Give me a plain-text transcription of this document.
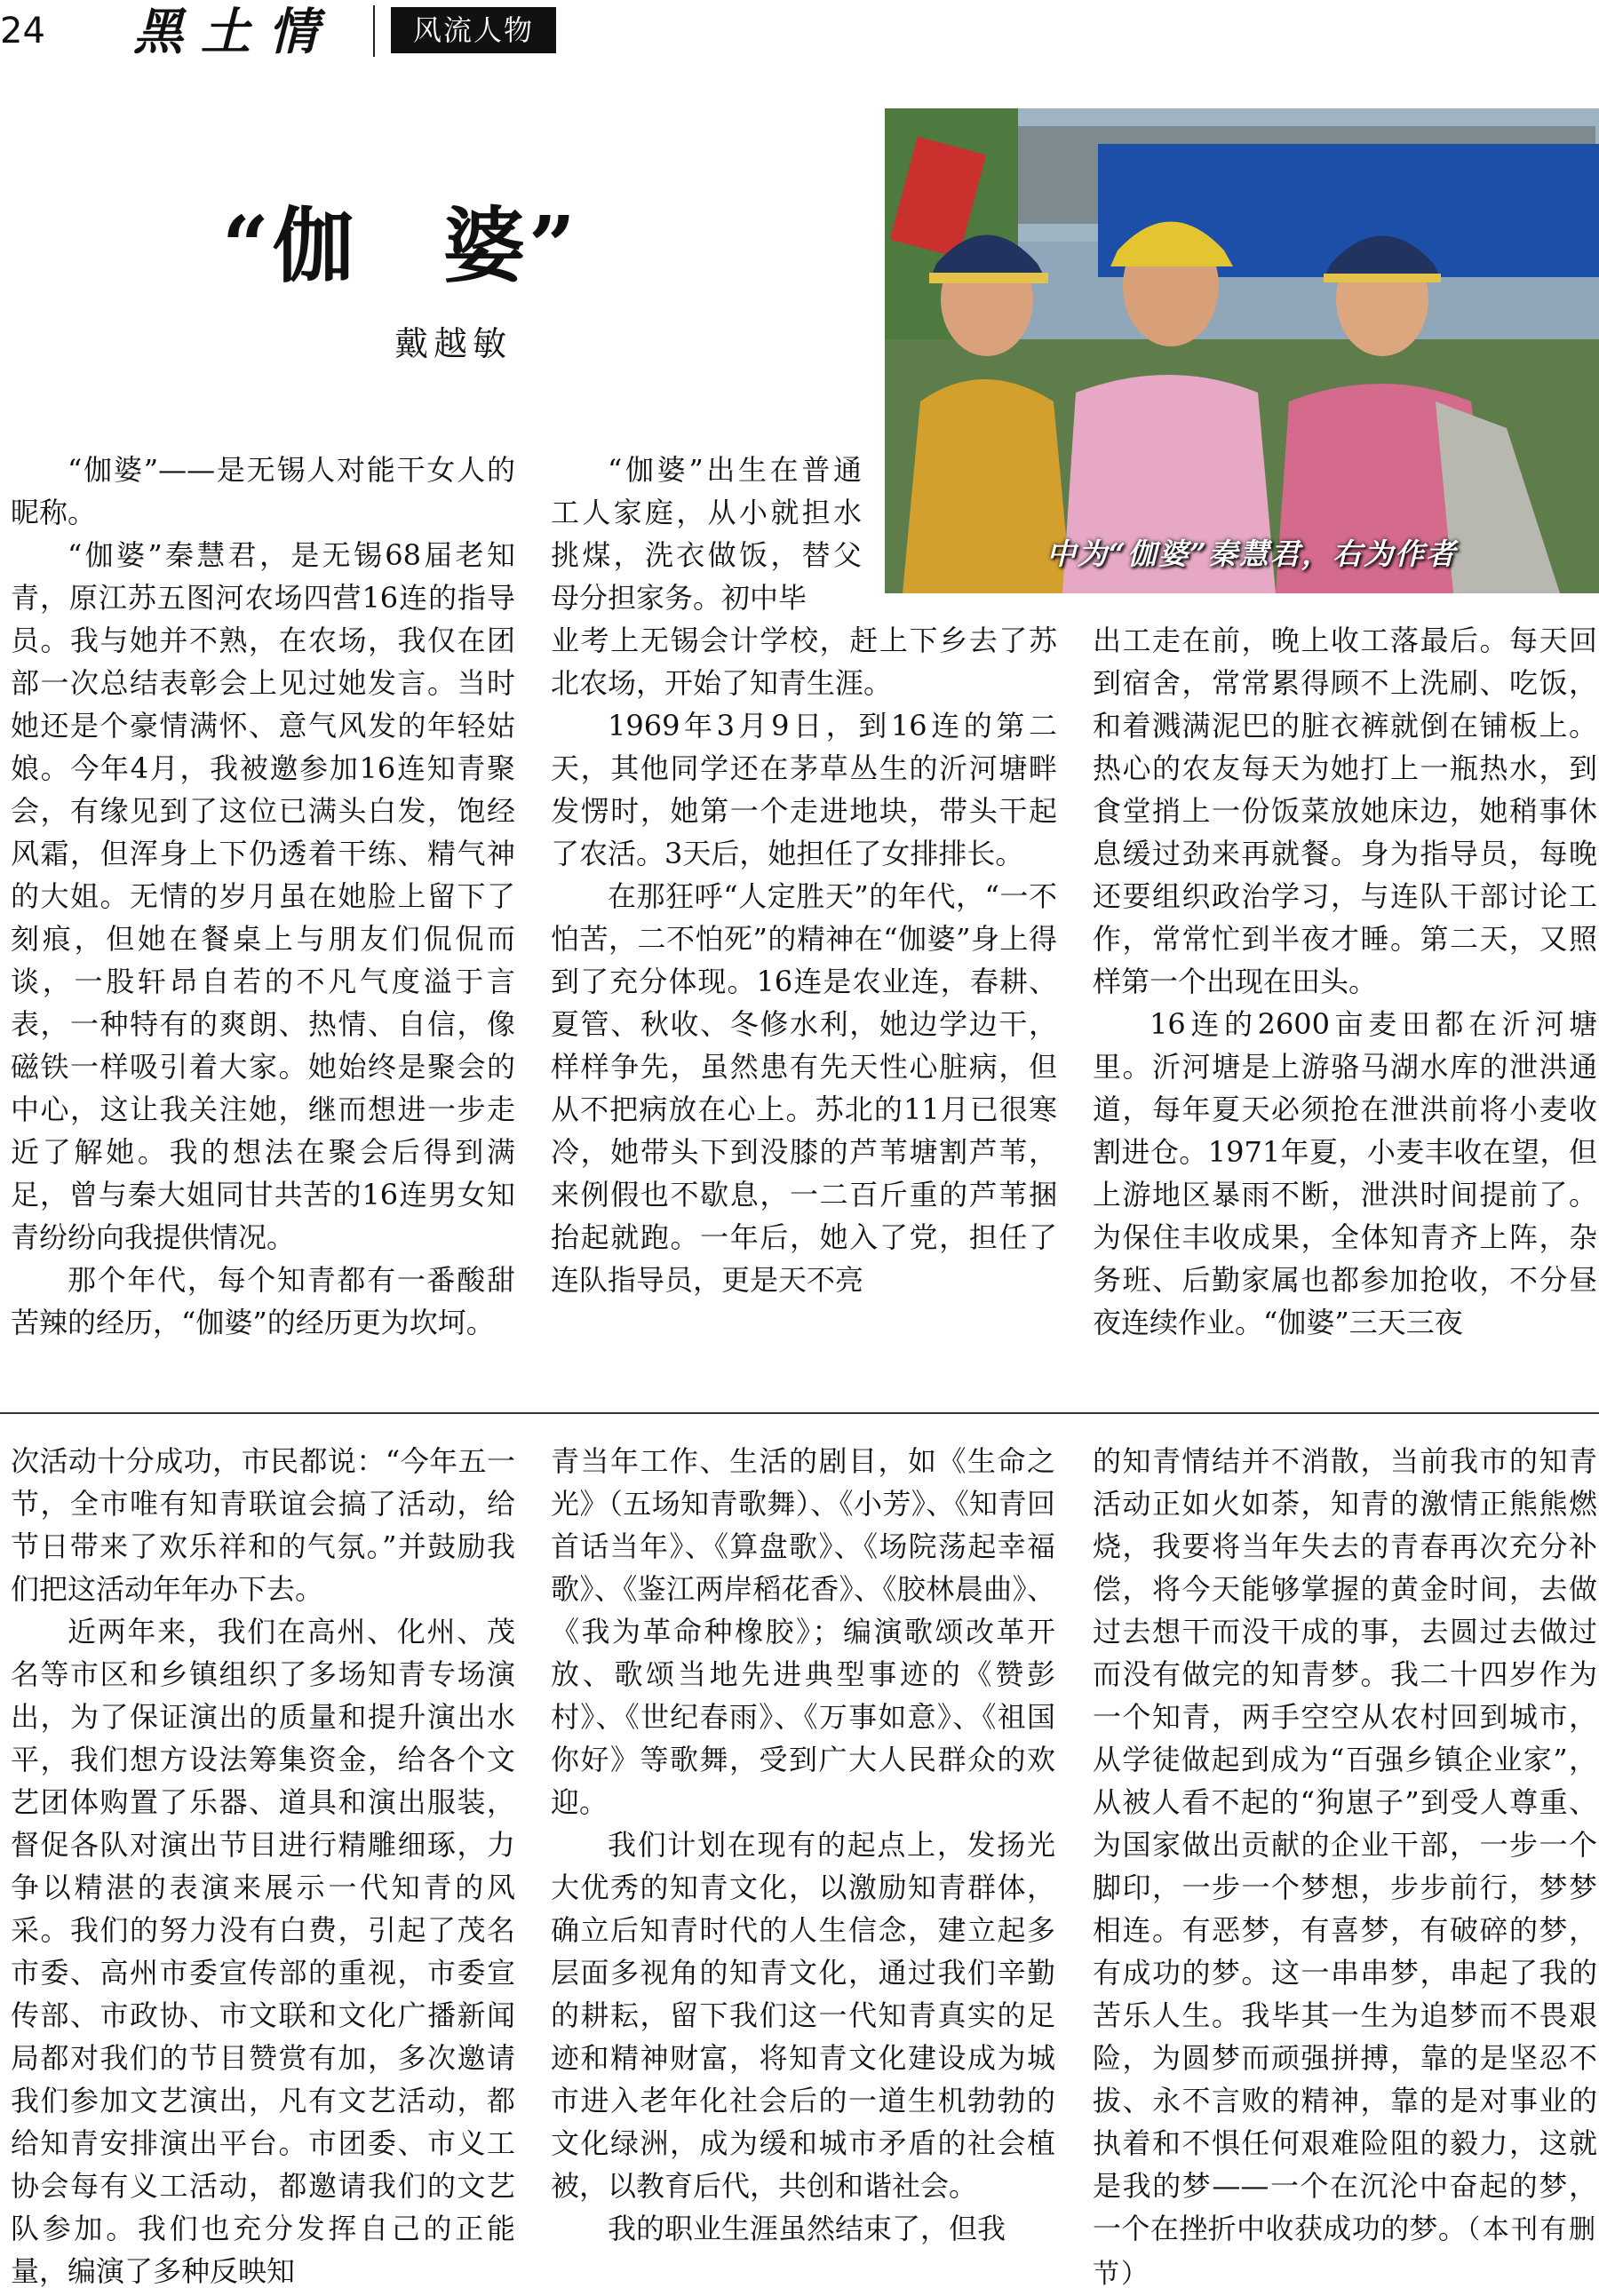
24 黑土情	风流人物
“伽　婆”
戴越敏
中为“伽婆”秦慧君，右为作者

“伽婆”——是无锡人对能干女人的昵称。

“伽婆”秦慧君，是无锡68届老知青，原江苏五图河农场四营16连的指导员。我与她并不熟，在农场，我仅在团部一次总结表彰会上见过她发言。当时她还是个豪情满怀、意气风发的年轻姑娘。今年4月，我被邀参加16连知青聚会，有缘见到了这位已满头白发，饱经风霜，但浑身上下仍透着干练、精气神的大姐。无情的岁月虽在她脸上留下了刻痕，但她在餐桌上与朋友们侃侃而谈，一股轩昂自若的不凡气度溢于言表，一种特有的爽朗、热情、自信，像磁铁一样吸引着大家。她始终是聚会的中心，这让我关注她，继而想进一步走近了解她。我的想法在聚会后得到满足，曾与秦大姐同甘共苦的16连男女知青纷纷向我提供情况。

那个年代，每个知青都有一番酸甜苦辣的经历，“伽婆”的经历更为坎坷。

“伽婆”出生在普通工人家庭，从小就担水挑煤，洗衣做饭，替父母分担家务。初中毕

业考上无锡会计学校，赶上下乡去了苏北农场，开始了知青生涯。

1969年3月9日，到16连的第二天，其他同学还在茅草丛生的沂河塘畔发愣时，她第一个走进地块，带头干起了农活。3天后，她担任了女排排长。

在那狂呼“人定胜天”的年代，“一不怕苦，二不怕死”的精神在“伽婆”身上得到了充分体现。16连是农业连，春耕、夏管、秋收、冬修水利，她边学边干，样样争先，虽然患有先天性心脏病，但从不把病放在心上。苏北的11月已很寒冷，她带头下到没膝的芦苇塘割芦苇，来例假也不歇息，一二百斤重的芦苇捆抬起就跑。一年后，她入了党，担任了连队指导员，更是天不亮

出工走在前，晚上收工落最后。每天回到宿舍，常常累得顾不上洗刷、吃饭，和着溅满泥巴的脏衣裤就倒在铺板上。热心的农友每天为她打上一瓶热水，到食堂捎上一份饭菜放她床边，她稍事休息缓过劲来再就餐。身为指导员，每晚还要组织政治学习，与连队干部讨论工作，常常忙到半夜才睡。第二天，又照样第一个出现在田头。

16连的2600亩麦田都在沂河塘里。沂河塘是上游骆马湖水库的泄洪通道，每年夏天必须抢在泄洪前将小麦收割进仓。1971年夏，小麦丰收在望，但上游地区暴雨不断，泄洪时间提前了。为保住丰收成果，全体知青齐上阵，杂务班、后勤家属也都参加抢收，不分昼夜连续作业。“伽婆”三天三夜

次活动十分成功，市民都说：“今年五一节，全市唯有知青联谊会搞了活动，给节日带来了欢乐祥和的气氛。”并鼓励我们把这活动年年办下去。

近两年来，我们在高州、化州、茂名等市区和乡镇组织了多场知青专场演出，为了保证演出的质量和提升演出水平，我们想方设法筹集资金，给各个文艺团体购置了乐器、道具和演出服装，督促各队对演出节目进行精雕细琢，力争以精湛的表演来展示一代知青的风采。我们的努力没有白费，引起了茂名市委、高州市委宣传部的重视，市委宣传部、市政协、市文联和文化广播新闻局都对我们的节目赞赏有加，多次邀请我们参加文艺演出，凡有文艺活动，都给知青安排演出平台。市团委、市义工协会每有义工活动，都邀请我们的文艺队参加。我们也充分发挥自己的正能量，编演了多种反映知

青当年工作、生活的剧目，如《生命之光》（五场知青歌舞）、《小芳》、《知青回首话当年》、《算盘歌》、《场院荡起幸福歌》、《鉴江两岸稻花香》、《胶林晨曲》、《我为革命种橡胶》；编演歌颂改革开放、歌颂当地先进典型事迹的《赞彭村》、《世纪春雨》、《万事如意》、《祖国你好》等歌舞，受到广大人民群众的欢迎。

我们计划在现有的起点上，发扬光大优秀的知青文化，以激励知青群体，确立后知青时代的人生信念，建立起多层面多视角的知青文化，通过我们辛勤的耕耘，留下我们这一代知青真实的足迹和精神财富，将知青文化建设成为城市进入老年化社会后的一道生机勃勃的文化绿洲，成为缓和城市矛盾的社会植被，以教育后代，共创和谐社会。

我的职业生涯虽然结束了，但我

的知青情结并不消散，当前我市的知青活动正如火如荼，知青的激情正熊熊燃烧，我要将当年失去的青春再次充分补偿，将今天能够掌握的黄金时间，去做过去想干而没干成的事，去圆过去做过而没有做完的知青梦。我二十四岁作为一个知青，两手空空从农村回到城市，从学徒做起到成为“百强乡镇企业家”，从被人看不起的“狗崽子”到受人尊重、为国家做出贡献的企业干部，一步一个脚印，一步一个梦想，步步前行，梦梦相连。有恶梦，有喜梦，有破碎的梦，有成功的梦。这一串串梦，串起了我的苦乐人生。我毕其一生为追梦而不畏艰险，为圆梦而顽强拼搏，靠的是坚忍不拔、永不言败的精神，靠的是对事业的执着和不惧任何艰难险阻的毅力，这就是我的梦——一个在沉沦中奋起的梦，一个在挫折中收获成功的梦。（本刊有删节）
